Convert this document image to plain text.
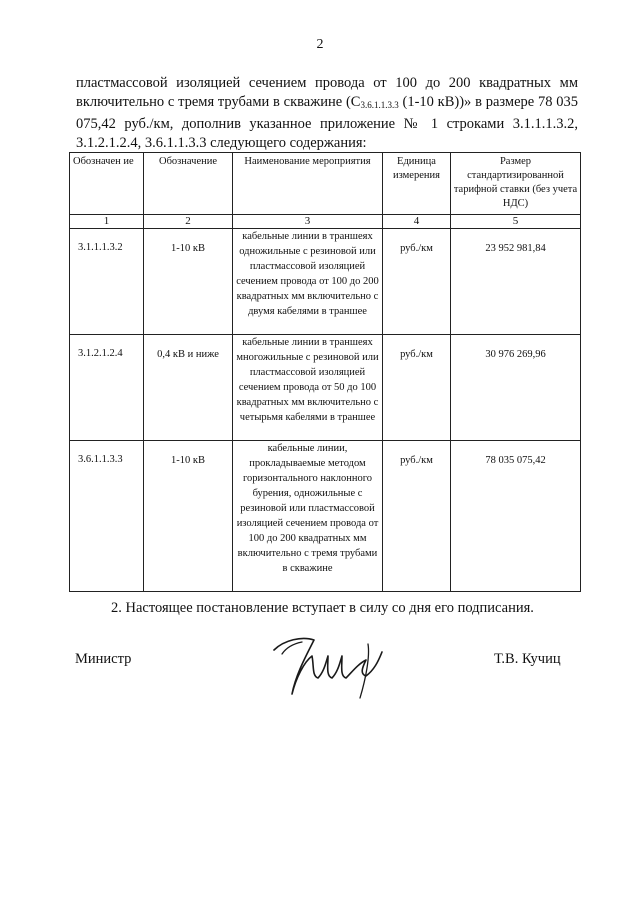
2
пластмассовой изоляцией сечением провода от 100 до 200 квадратных мм включительно с тремя трубами в скважине ($С_{3.6.1.1.3.3}$ (1-10 кВ))» в размере 78 035 075,42 руб./км, дополнив указанное приложение № 1 строками 3.1.1.1.3.2, 3.1.2.1.2.4, 3.6.1.1.3.3 следующего содержания:
Обозначен ие	Обозначение	Наименование мероприятия	Единица измерения	Размер стандартизированной тарифной ставки (без учета НДС)
1	2	3	4	5
3.1.1.1.3.2	1-10 кВ	кабельные линии в траншеях одножильные с резиновой или пластмассовой изоляцией сечением провода от 100 до 200 квадратных мм включительно с двумя кабелями в траншее	руб./км	23 952 981,84
3.1.2.1.2.4	0,4 кВ и ниже	кабельные линии в траншеях многожильные с резиновой или пластмассовой изоляцией сечением провода от 50 до 100 квадратных мм включительно с четырьмя кабелями в траншее	руб./км	30 976 269,96
3.6.1.1.3.3	1-10 кВ	кабельные линии, прокладываемые методом горизонтального наклонного бурения, одножильные с резиновой или пластмассовой изоляцией сечением провода от 100 до 200 квадратных мм включительно с тремя трубами в скважине	руб./км	78 035 075,42
2. Настоящее постановление вступает в силу со дня его подписания.
Министр	Т.В. Кучиц
